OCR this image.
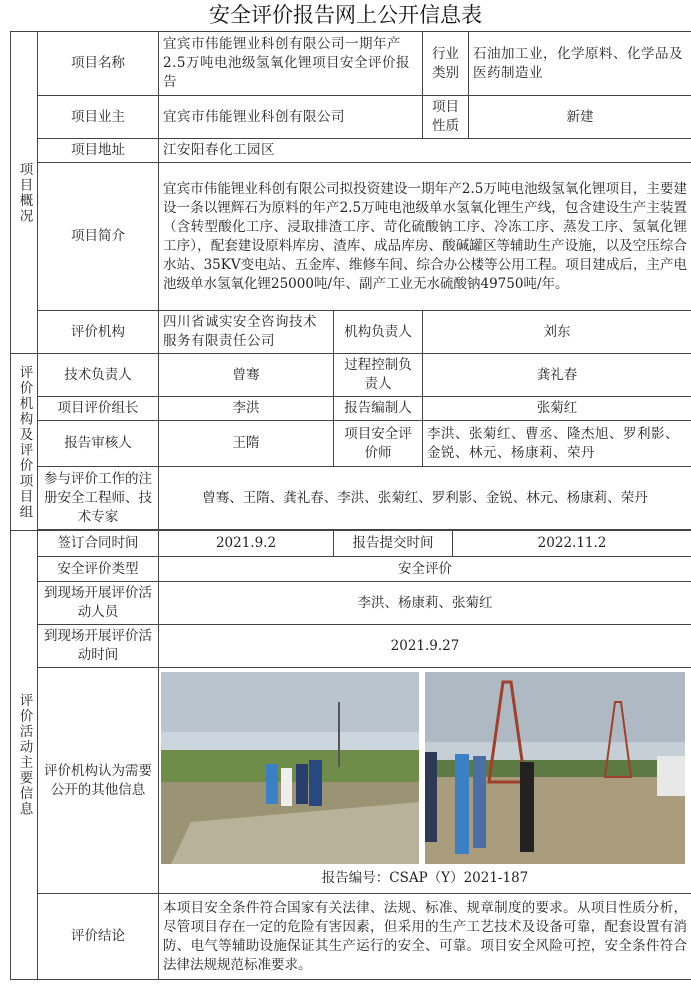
安全评价报告网上公开信息表
项目概况	项目名称	宜宾市伟能锂业科创有限公司一期年产2.5万吨电池级氢氧化锂项目安全评价报告		行业类别		石油加工业，化学原料、化学品及医药制造业
	项目业主	宜宾市伟能锂业科创有限公司		项目性质		新建
	项目地址	江安阳春化工园区				
	项目简介	宜宾市伟能锂业科创有限公司拟投资建设一期年产2.5万吨电池级氢氧化锂项目，主要建设一条以锂辉石为原料的年产2.5万吨电池级单水氢氧化锂生产线，包含建设生产主装置（含转型酸化工序、浸取排渣工序、苛化硫酸钠工序、冷冻工序、蒸发工序、氢氧化锂工序），配套建设原料库房、渣库、成品库房、酸碱罐区等辅助生产设施，以及空压综合水站、35KV变电站、五金库、维修车间、综合办公楼等公用工程。项目建成后，主产电池级单水氢氧化锂25000吨/年、副产工业无水硫酸钠49750吨/年。				
	评价机构	四川省诚实安全咨询技术服务有限责任公司	机构负责人	刘东		
评价机构及评价项目组	技术负责人	曾骞	过程控制负责人	龚礼春		
	项目评价组长	李洪	报告编制人	张菊红		
	报告审核人	王隋	项目安全评价师	李洪、张菊红、曹丞、隆杰旭、罗利影、金锐、林元、杨康莉、荣丹		
	参与评价工作的注册安全工程师、技术专家	曾骞、王隋、龚礼春、李洪、张菊红、罗利影、金锐、林元、杨康莉、荣丹				

评价活动主要信息	签订合同时间	2021.9.2	报告提交时间		2022.11.2	
	安全评价类型	安全评价				
	到现场开展评价活动人员	李洪、杨康莉、张菊红				
	到现场开展评价活动时间	2021.9.27				
	评价机构认为需要公开的其他信息	报告编号：CSAP（Y）2021-187				

	评价结论	本项目安全条件符合国家有关法律、法规、标准、规章制度的要求。从项目性质分析，尽管项目存在一定的危险有害因素，但采用的生产工艺技术及设备可靠，配套设置有消防、电气等辅助设施保证其生产运行的安全、可靠。项目安全风险可控，安全条件符合法律法规规范标准要求。				
